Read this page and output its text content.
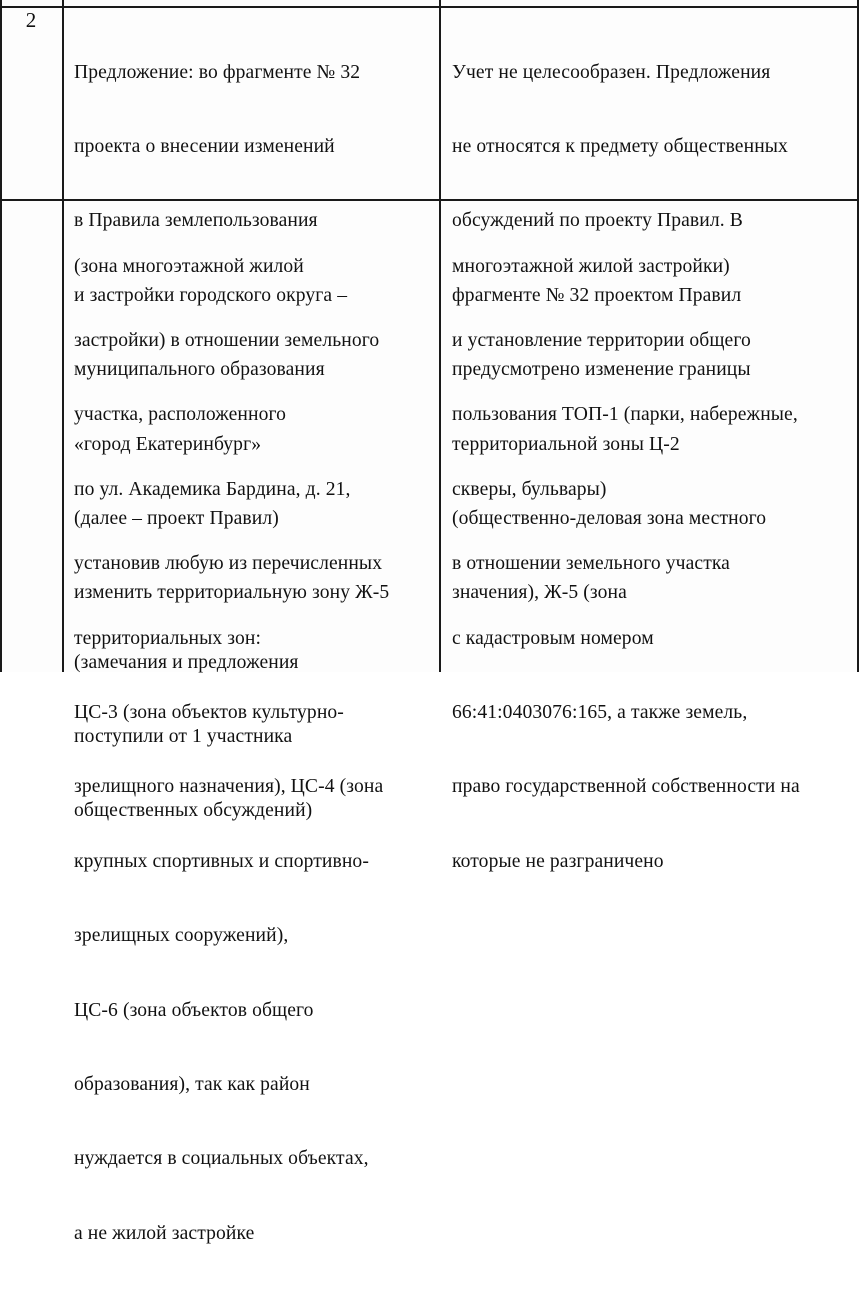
2

Предложение: во фрагменте № 32

проекта о внесении изменений

в Правила землепользования

и застройки городского округа –

муниципального образования

«город Екатеринбург»

(далее – проект Правил)

изменить территориальную зону Ж-5

(зона многоэтажной жилой

застройки) в отношении земельного

участка, расположенного

по ул. Академика Бардина, д. 21,

установив любую из перечисленных

территориальных зон:

ЦС-3 (зона объектов культурно-

зрелищного назначения), ЦС-4 (зона

крупных спортивных и спортивно-

зрелищных сооружений),

ЦС-6 (зона объектов общего

образования), так как район

нуждается в социальных объектах,

а не жилой застройке

(замечания и предложения

поступили от 1 участника

общественных обсуждений)

Учет не целесообразен. Предложения

не относятся к предмету общественных

обсуждений по проекту Правил. В

фрагменте № 32 проектом Правил

предусмотрено изменение границы

территориальной зоны Ц-2

(общественно-деловая зона местного

значения), Ж-5 (зона

многоэтажной жилой застройки)

и установление территории общего

пользования ТОП-1 (парки, набережные,

скверы, бульвары)

в отношении земельного участка

с кадастровым номером

66:41:0403076:165, а также земель,

право государственной собственности на

которые не разграничено
